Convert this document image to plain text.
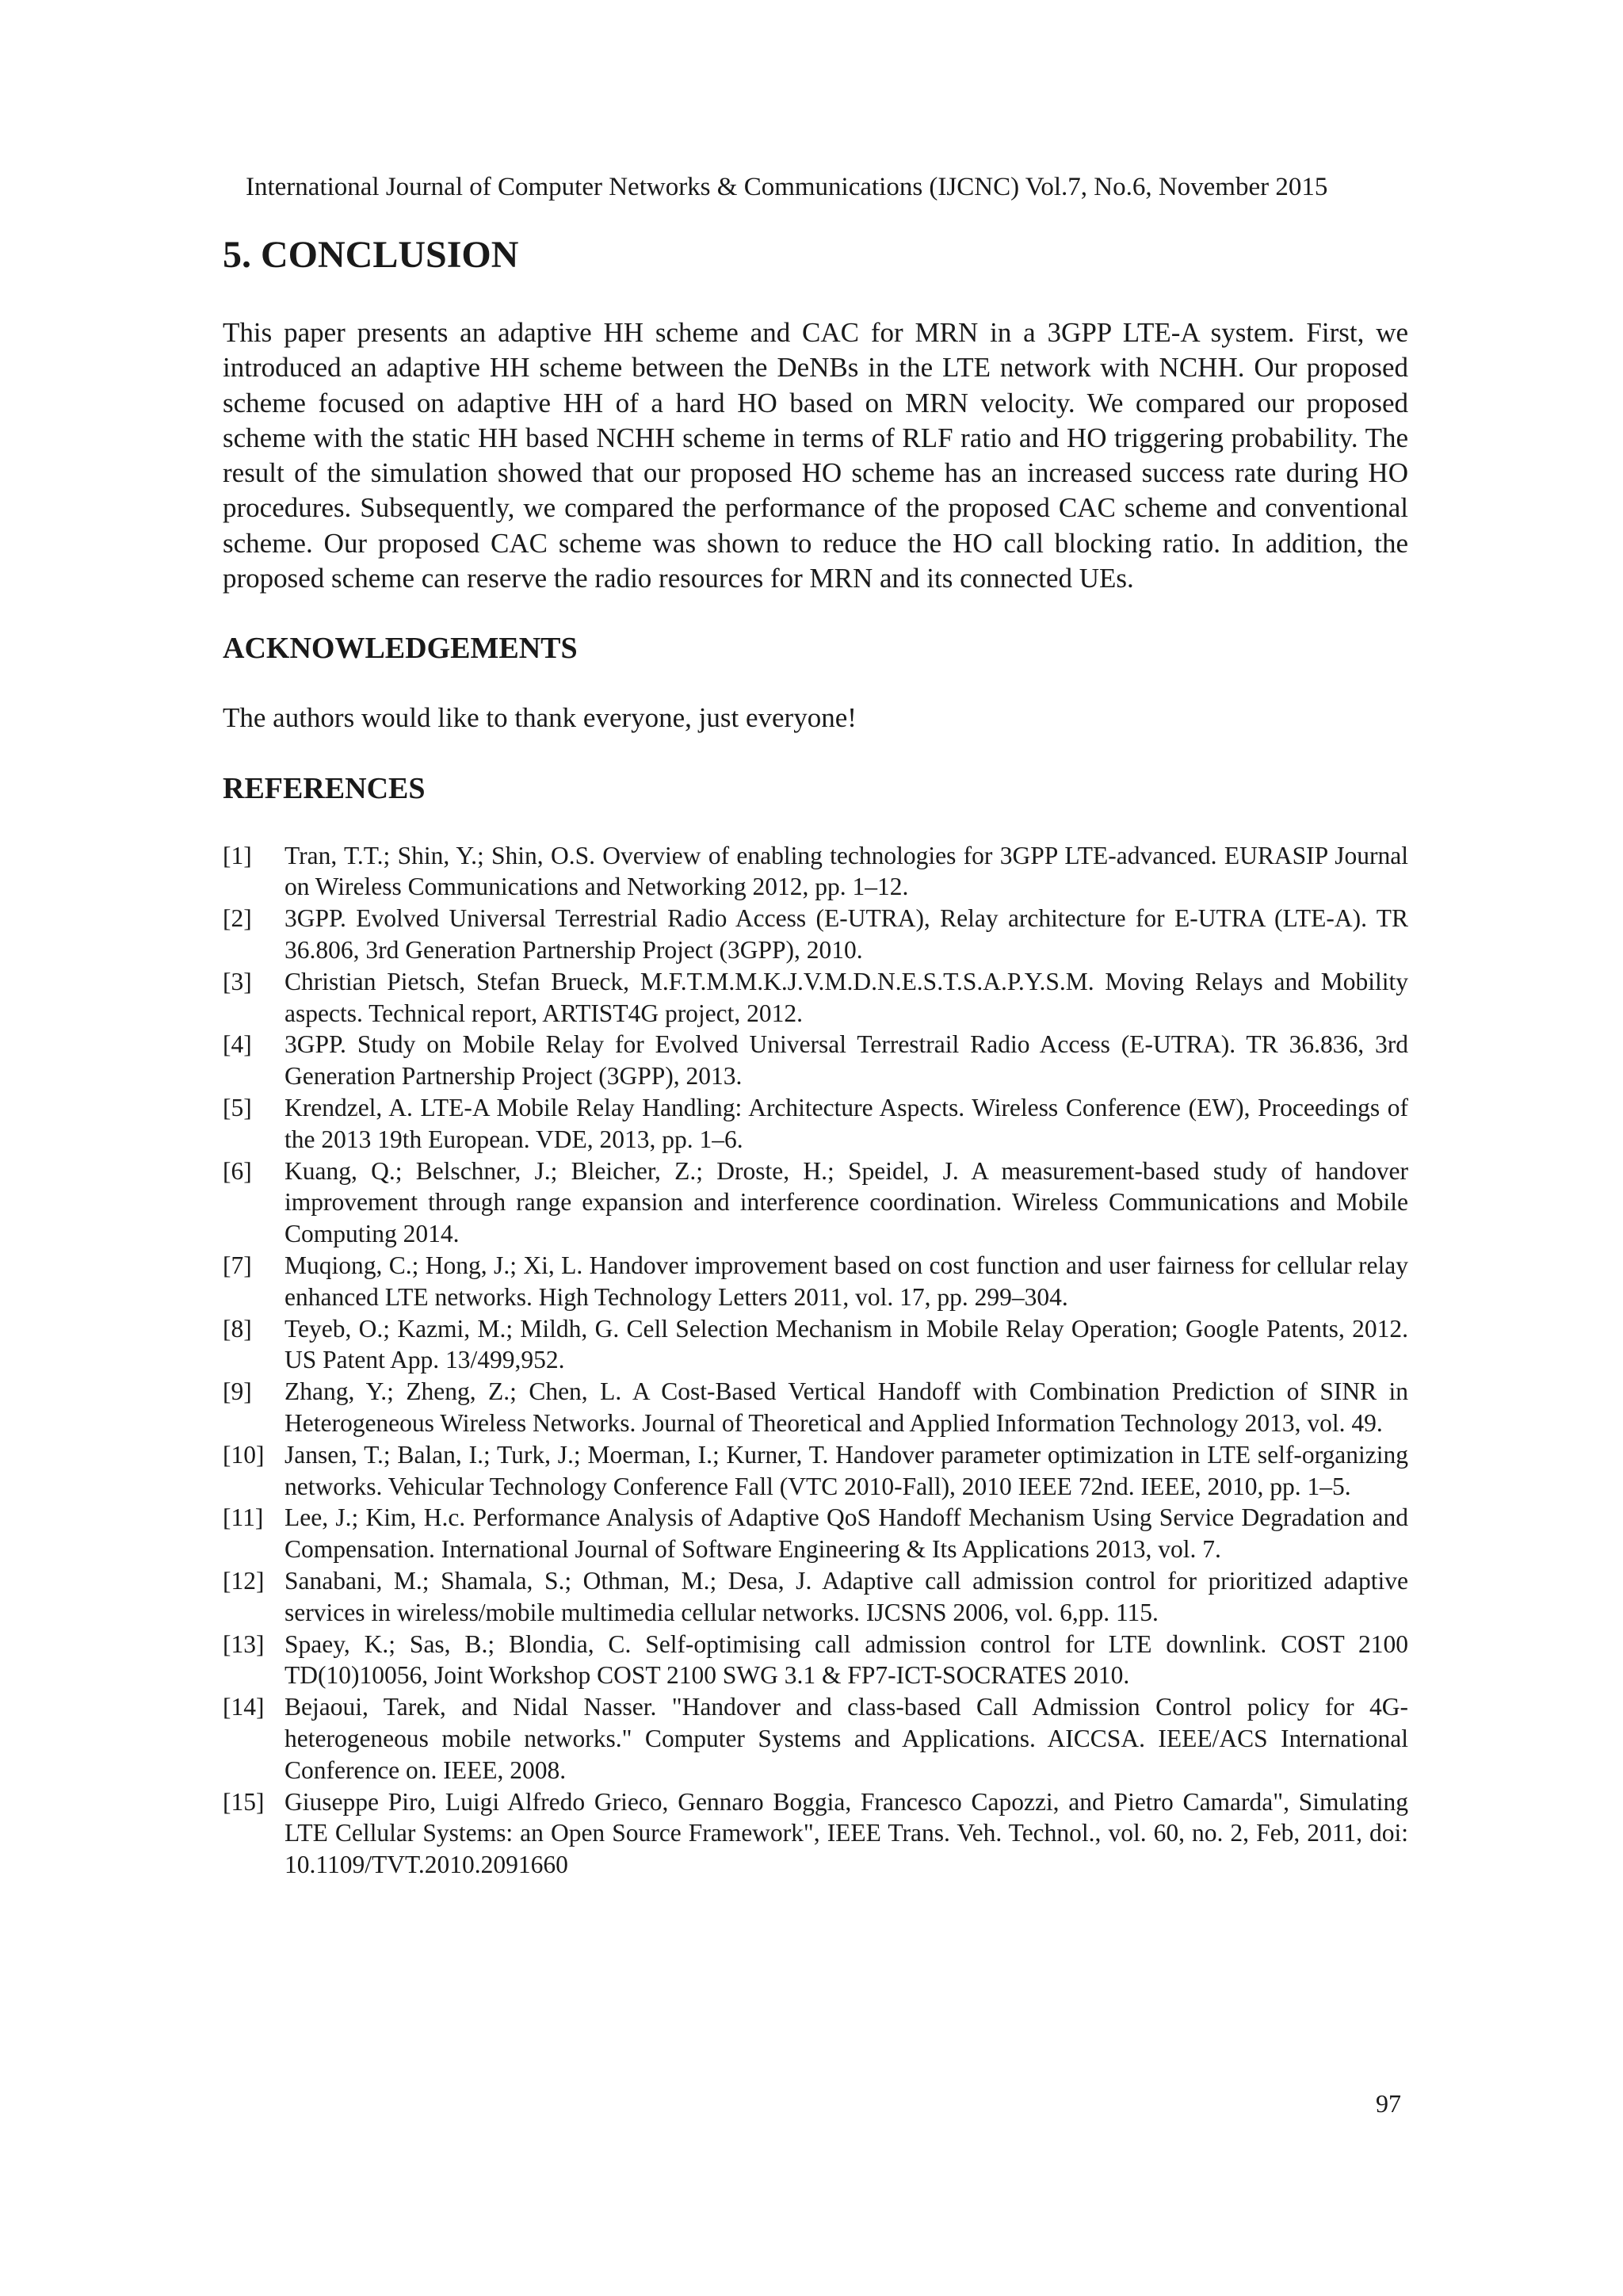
International Journal of Computer Networks & Communications (IJCNC) Vol.7, No.6, November 2015
5. CONCLUSION

This paper presents an adaptive HH scheme and CAC for MRN in a 3GPP LTE-A system. First, we introduced an adaptive HH scheme between the DeNBs in the LTE network with NCHH. Our proposed scheme focused on adaptive HH of a hard HO based on MRN velocity. We compared our proposed scheme with the static HH based NCHH scheme in terms of RLF ratio and HO triggering probability. The result of the simulation showed that our proposed HO scheme has an increased success rate during HO procedures. Subsequently, we compared the performance of the proposed CAC scheme and conventional scheme. Our proposed CAC scheme was shown to reduce the HO call blocking ratio. In addition, the proposed scheme can reserve the radio resources for MRN and its connected UEs.

ACKNOWLEDGEMENTS

The authors would like to thank everyone, just everyone!

REFERENCES
[1]	Tran, T.T.; Shin, Y.; Shin, O.S. Overview of enabling technologies for 3GPP LTE-advanced. EURASIP Journal on Wireless Communications and Networking 2012, pp. 1–12.
[2]	3GPP. Evolved Universal Terrestrial Radio Access (E-UTRA), Relay architecture for E-UTRA (LTE-A). TR 36.806, 3rd Generation Partnership Project (3GPP), 2010.
[3]	Christian Pietsch, Stefan Brueck, M.F.T.M.M.K.J.V.M.D.N.E.S.T.S.A.P.Y.S.M. Moving Relays and Mobility aspects. Technical report, ARTIST4G project, 2012.
[4]	3GPP. Study on Mobile Relay for Evolved Universal Terrestrail Radio Access (E-UTRA). TR 36.836, 3rd Generation Partnership Project (3GPP), 2013.
[5]	Krendzel, A. LTE-A Mobile Relay Handling: Architecture Aspects. Wireless Conference (EW), Proceedings of the 2013 19th European. VDE, 2013, pp. 1–6.
[6]	Kuang, Q.; Belschner, J.; Bleicher, Z.; Droste, H.; Speidel, J. A measurement-based study of handover improvement through range expansion and interference coordination. Wireless Communications and Mobile Computing 2014.
[7]	Muqiong, C.; Hong, J.; Xi, L. Handover improvement based on cost function and user fairness for cellular relay enhanced LTE networks. High Technology Letters 2011, vol. 17, pp. 299–304.
[8]	Teyeb, O.; Kazmi, M.; Mildh, G. Cell Selection Mechanism in Mobile Relay Operation; Google Patents, 2012. US Patent App. 13/499,952.
[9]	Zhang, Y.; Zheng, Z.; Chen, L. A Cost-Based Vertical Handoff with Combination Prediction of SINR in Heterogeneous Wireless Networks. Journal of Theoretical and Applied Information Technology 2013, vol. 49.
[10] Jansen, T.; Balan, I.; Turk, J.; Moerman, I.; Kurner, T. Handover parameter optimization in LTE self-organizing networks. Vehicular Technology Conference Fall (VTC 2010-Fall), 2010 IEEE 72nd. IEEE, 2010, pp. 1–5.
[11] Lee, J.; Kim, H.c. Performance Analysis of Adaptive QoS Handoff Mechanism Using Service Degradation and Compensation. International Journal of Software Engineering & Its Applications 2013, vol. 7.
[12] Sanabani, M.; Shamala, S.; Othman, M.; Desa, J. Adaptive call admission control for prioritized adaptive services in wireless/mobile multimedia cellular networks. IJCSNS 2006, vol. 6,pp. 115.
[13] Spaey, K.; Sas, B.; Blondia, C. Self-optimising call admission control for LTE downlink. COST 2100 TD(10)10056, Joint Workshop COST 2100 SWG 3.1 & FP7-ICT-SOCRATES 2010.
[14] Bejaoui, Tarek, and Nidal Nasser. "Handover and class-based Call Admission Control policy for 4G-heterogeneous mobile networks." Computer Systems and Applications. AICCSA. IEEE/ACS International Conference on. IEEE, 2008.
[15] Giuseppe Piro, Luigi Alfredo Grieco, Gennaro Boggia, Francesco Capozzi, and Pietro Camarda", Simulating LTE Cellular Systems: an Open Source Framework", IEEE Trans. Veh. Technol., vol. 60, no. 2, Feb, 2011, doi: 10.1109/TVT.2010.2091660
97
